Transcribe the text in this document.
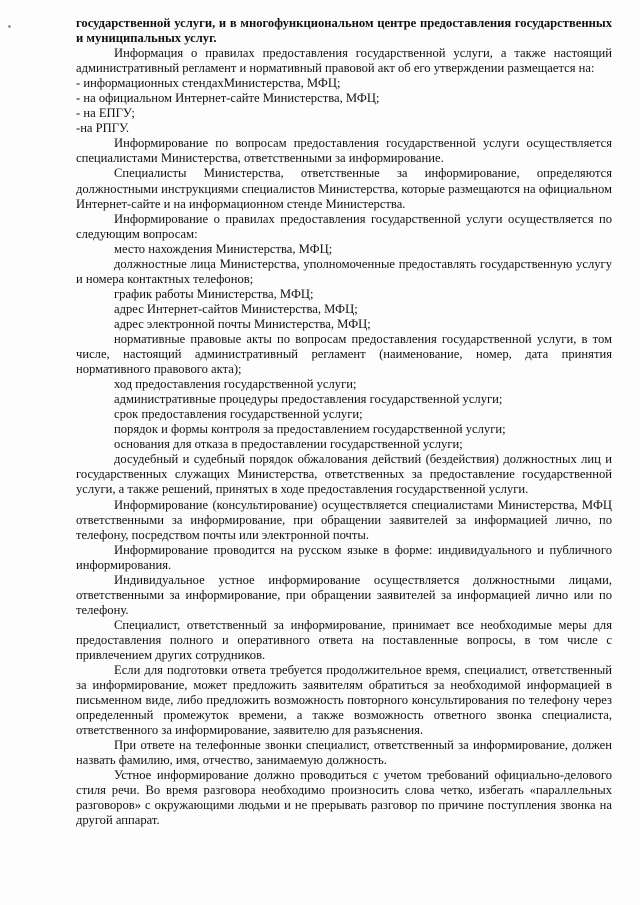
▪	государственной услуги, и в многофункциональном центре предоставления государственных и муниципальных услуг.

Информация о правилах предоставления государственной услуги, а также настоящий административный регламент и нормативный правовой акт об его утверждении размещается на:

- информационных стендахМинистерства, МФЦ;

- на официальном Интернет-сайте Министерства, МФЦ;

- на ЕПГУ;

-на РПГУ.

Информирование по вопросам предоставления государственной услуги осуществляется специалистами Министерства, ответственными за информирование.

Специалисты Министерства, ответственные за информирование, определяются должностными инструкциями специалистов Министерства, которые размещаются на официальном Интернет-сайте и на информационном стенде Министерства.

Информирование о правилах предоставления государственной услуги осуществляется по следующим вопросам:

место нахождения Министерства, МФЦ;

должностные лица Министерства, уполномоченные предоставлять государственную услугу и номера контактных телефонов;

график работы Министерства, МФЦ;

адрес Интернет-сайтов Министерства, МФЦ;

адрес электронной почты Министерства, МФЦ;

нормативные правовые акты по вопросам предоставления государственной услуги, в том числе, настоящий административный регламент (наименование, номер, дата принятия нормативного правового акта);

ход предоставления государственной услуги;

административные процедуры предоставления государственной услуги;

срок предоставления государственной услуги;

порядок и формы контроля за предоставлением государственной услуги;

основания для отказа в предоставлении государственной услуги;

досудебный и судебный порядок обжалования действий (бездействия) должностных лиц и государственных служащих Министерства, ответственных за предоставление государственной услуги, а также решений, принятых в ходе предоставления государственной услуги.

Информирование (консультирование) осуществляется специалистами Министерства, МФЦ ответственными за информирование, при обращении заявителей за информацией лично, по телефону, посредством почты или электронной почты.

Информирование проводится на русском языке в форме: индивидуального и публичного информирования.

Индивидуальное устное информирование осуществляется должностными лицами, ответственными за информирование, при обращении заявителей за информацией лично или по телефону.

Специалист, ответственный за информирование, принимает все необходимые меры для предоставления полного и оперативного ответа на поставленные вопросы, в том числе с привлечением других сотрудников.

Если для подготовки ответа требуется продолжительное время, специалист, ответственный за информирование, может предложить заявителям обратиться за необходимой информацией в письменном виде, либо предложить возможность повторного консультирования по телефону через определенный промежуток времени, а также возможность ответного звонка специалиста, ответственного за информирование, заявителю для разъяснения.

При ответе на телефонные звонки специалист, ответственный за информирование, должен назвать фамилию, имя, отчество, занимаемую должность.

Устное информирование должно проводиться с учетом требований официально-делового стиля речи. Во время разговора необходимо произносить слова четко, избегать «параллельных разговоров» с окружающими людьми и не прерывать разговор по причине поступления звонка на другой аппарат.
